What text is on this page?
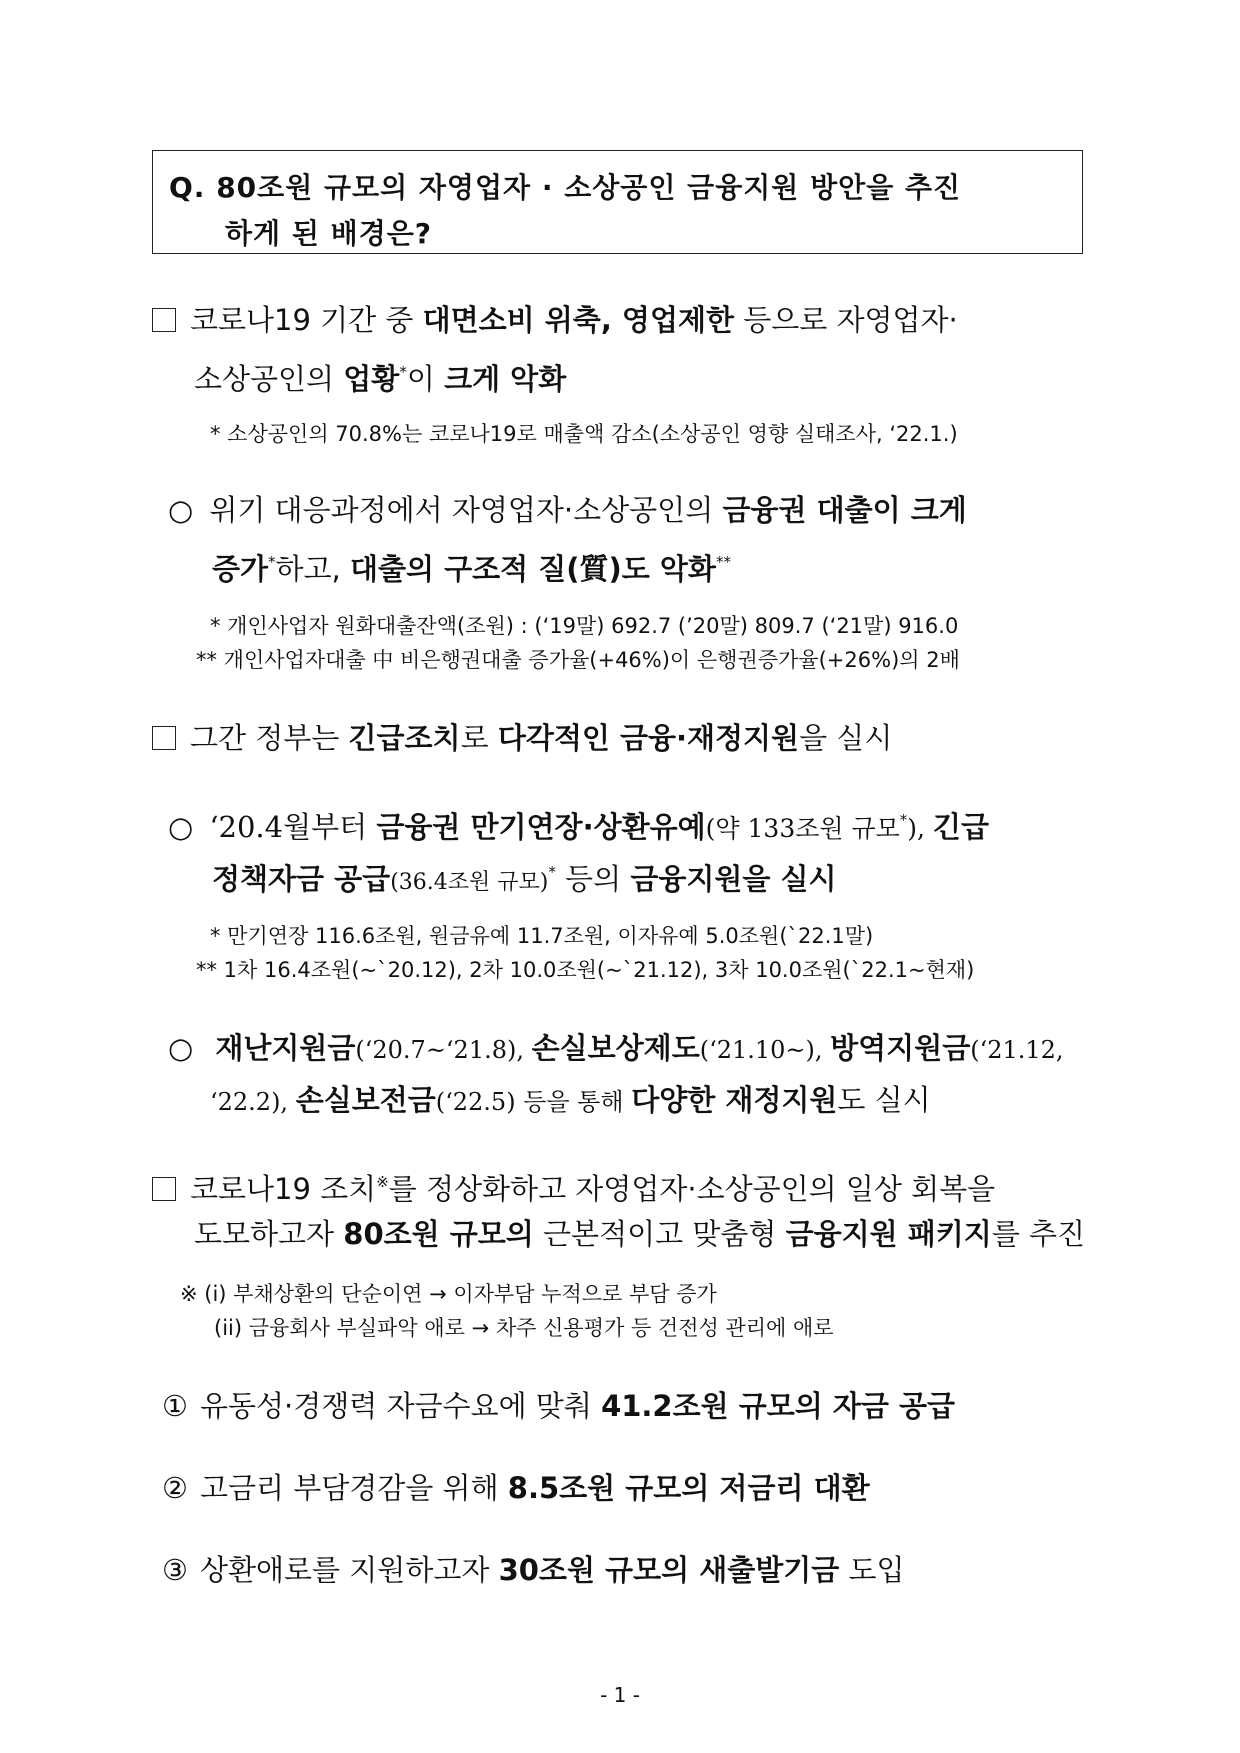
Q. 80조원 규모의 자영업자 · 소상공인 금융지원 방안을 추진
하게 된 배경은?
코로나19 기간 중 대면소비 위축, 영업제한 등으로 자영업자·
소상공인의 업황*이 크게 악화
* 소상공인의 70.8%는 코로나19로 매출액 감소(소상공인 영향 실태조사, ‘22.1.)
○ 위기 대응과정에서 자영업자·소상공인의 금융권 대출이 크게
증가*하고, 대출의 구조적 질(質)도 악화**
* 개인사업자 원화대출잔액(조원) : (‘19말) 692.7 (’20말) 809.7 (‘21말) 916.0
** 개인사업자대출 中 비은행권대출 증가율(+46%)이 은행권증가율(+26%)의 2배
그간 정부는 긴급조치로 다각적인 금융·재정지원을 실시
○ ‘20.4월부터 금융권 만기연장·상환유예(약 133조원 규모*), 긴급
정책자금 공급(36.4조원 규모)* 등의 금융지원을 실시
* 만기연장 116.6조원, 원금유예 11.7조원, 이자유예 5.0조원(`22.1말)
** 1차 16.4조원(~`20.12), 2차 10.0조원(~`21.12), 3차 10.0조원(`22.1~현재)
○ 재난지원금(‘20.7~‘21.8), 손실보상제도(‘21.10~), 방역지원금(‘21.12,
‘22.2), 손실보전금(‘22.5) 등을 통해 다양한 재정지원도 실시
코로나19 조치※를 정상화하고 자영업자·소상공인의 일상 회복을
도모하고자 80조원 규모의 근본적이고 맞춤형 금융지원 패키지를 추진
※ (i) 부채상환의 단순이연 → 이자부담 누적으로 부담 증가
(ii) 금융회사 부실파악 애로 → 차주 신용평가 등 건전성 관리에 애로
① 유동성·경쟁력 자금수요에 맞춰 41.2조원 규모의 자금 공급
② 고금리 부담경감을 위해 8.5조원 규모의 저금리 대환
③ 상환애로를 지원하고자 30조원 규모의 새출발기금 도입
- 1 -
